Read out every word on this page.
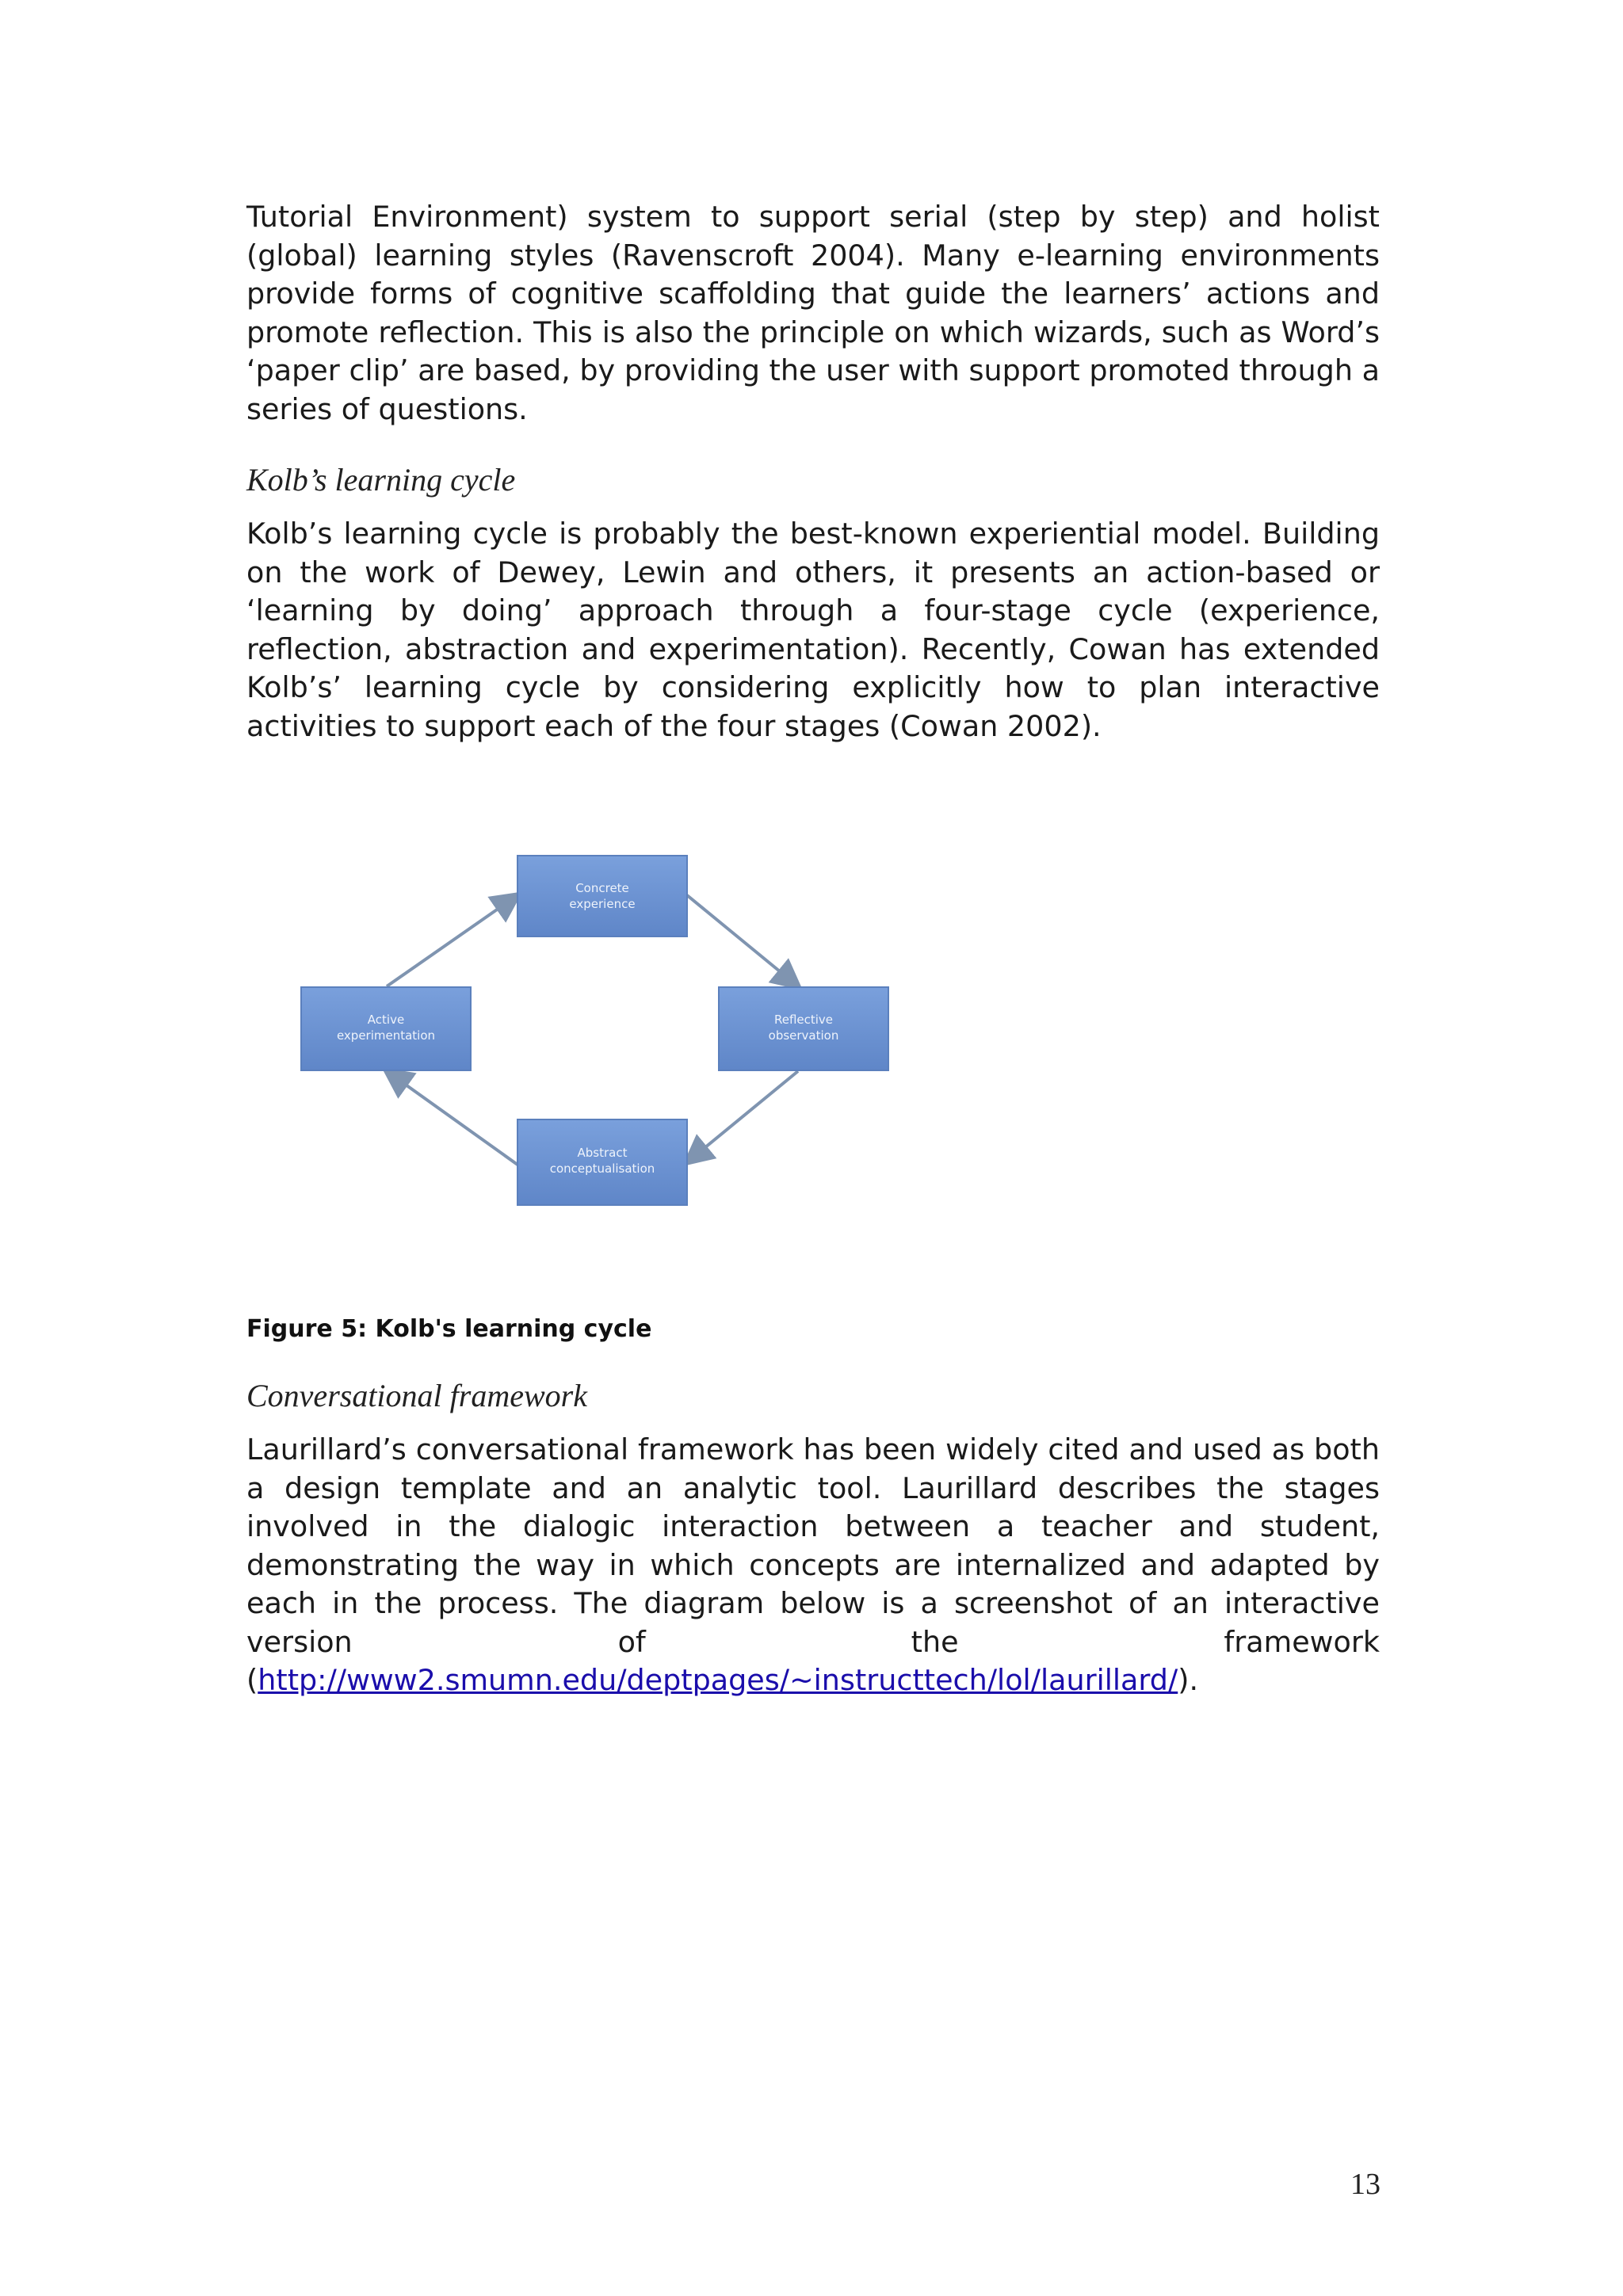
Tutorial Environment) system to support serial (step by step) and holist (global) learning styles (Ravenscroft 2004). Many e-learning environments provide forms of cognitive scaffolding that guide the learners’ actions and promote reflection. This is also the principle on which wizards, such as Word’s ‘paper clip’ are based, by providing the user with support promoted through a series of questions.

Kolb’s learning cycle

Kolb’s learning cycle is probably the best-known experiential model. Building on the work of Dewey, Lewin and others, it presents an action-based or ‘learning by doing’ approach through a four-stage cycle (experience, reflection, abstraction and experimentation). Recently, Cowan has extended Kolb’s’ learning cycle by considering explicitly how to plan interactive activities to support each of the four stages (Cowan 2002).

Concrete
experience
Reflective
observation
Abstract
conceptualisation
Active
experimentation

Figure 5: Kolb's learning cycle

Conversational framework

Laurillard’s conversational framework has been widely cited and used as both a design template and an analytic tool. Laurillard describes the stages involved in the dialogic interaction between a teacher and student, demonstrating the way in which concepts are internalized and adapted by each in the process. The diagram below is a screenshot of an interactive version of the framework (http://www2.smumn.edu/deptpages/~instructtech/lol/laurillard/).

13
